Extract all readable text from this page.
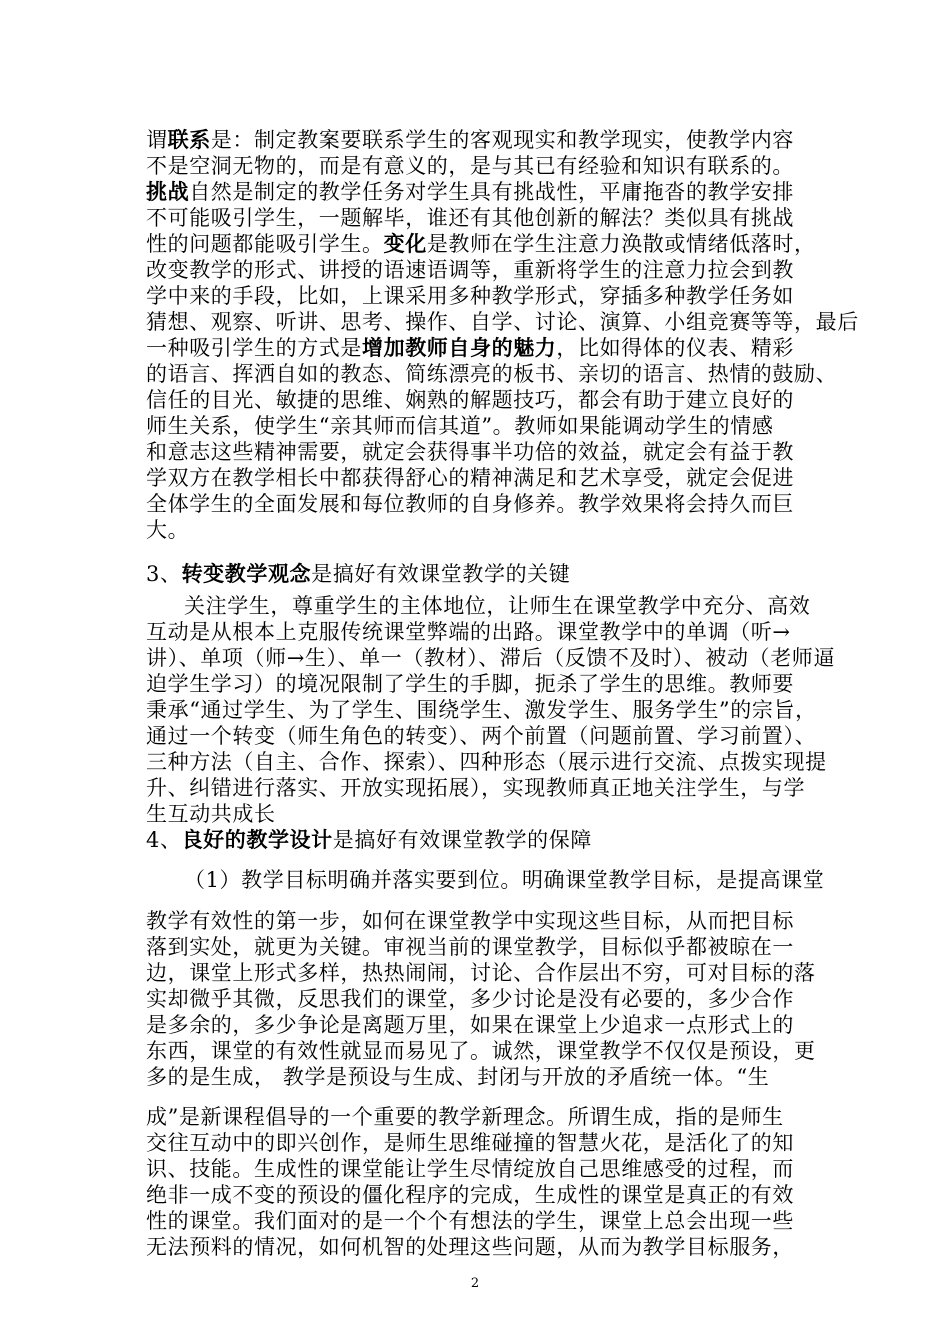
谓联系是：制定教案要联系学生的客观现实和教学现实，使教学内容
不是空洞无物的，而是有意义的，是与其已有经验和知识有联系的。
挑战自然是制定的教学任务对学生具有挑战性，平庸拖沓的教学安排
不可能吸引学生，一题解毕，谁还有其他创新的解法？类似具有挑战
性的问题都能吸引学生。变化是教师在学生注意力涣散或情绪低落时，
改变教学的形式、讲授的语速语调等，重新将学生的注意力拉会到教
学中来的手段，比如，上课采用多种教学形式，穿插多种教学任务如
猜想、观察、听讲、思考、操作、自学、讨论、演算、小组竞赛等等，最后
一种吸引学生的方式是增加教师自身的魅力，比如得体的仪表、精彩
的语言、挥洒自如的教态、简练漂亮的板书、亲切的语言、热情的鼓励、
信任的目光、敏捷的思维、娴熟的解题技巧，都会有助于建立良好的
师生关系，使学生“亲其师而信其道”。教师如果能调动学生的情感
和意志这些精神需要，就定会获得事半功倍的效益，就定会有益于教
学双方在教学相长中都获得舒心的精神满足和艺术享受，就定会促进
全体学生的全面发展和每位教师的自身修养。教学效果将会持久而巨
大。
3、转变教学观念是搞好有效课堂教学的关键
关注学生，尊重学生的主体地位，让师生在课堂教学中充分、高效
互动是从根本上克服传统课堂弊端的出路。课堂教学中的单调（听→
讲）、单项（师→生）、单一（教材）、滞后（反馈不及时）、被动（老师逼
迫学生学习）的境况限制了学生的手脚，扼杀了学生的思维。教师要
秉承“通过学生、为了学生、围绕学生、激发学生、服务学生”的宗旨，
通过一个转变（师生角色的转变）、两个前置（问题前置、学习前置）、
三种方法（自主、合作、探索）、四种形态（展示进行交流、点拨实现提
升、纠错进行落实、开放实现拓展），实现教师真正地关注学生，与学
生互动共成长
4、良好的教学设计是搞好有效课堂教学的保障
（1）教学目标明确并落实要到位。明确课堂教学目标，是提高课堂
教学有效性的第一步，如何在课堂教学中实现这些目标，从而把目标
落到实处，就更为关键。审视当前的课堂教学，目标似乎都被晾在一
边，课堂上形式多样，热热闹闹，讨论、合作层出不穷，可对目标的落
实却微乎其微，反思我们的课堂，多少讨论是没有必要的，多少合作
是多余的，多少争论是离题万里，如果在课堂上少追求一点形式上的
东西，课堂的有效性就显而易见了。诚然，课堂教学不仅仅是预设，更
多的是生成， 教学是预设与生成、封闭与开放的矛盾统一体。“生
成”是新课程倡导的一个重要的教学新理念。所谓生成，指的是师生
交往互动中的即兴创作，是师生思维碰撞的智慧火花，是活化了的知
识、技能。生成性的课堂能让学生尽情绽放自己思维感受的过程，而
绝非一成不变的预设的僵化程序的完成，生成性的课堂是真正的有效
性的课堂。我们面对的是一个个有想法的学生，课堂上总会出现一些
无法预料的情况，如何机智的处理这些问题，从而为教学目标服务，
2
